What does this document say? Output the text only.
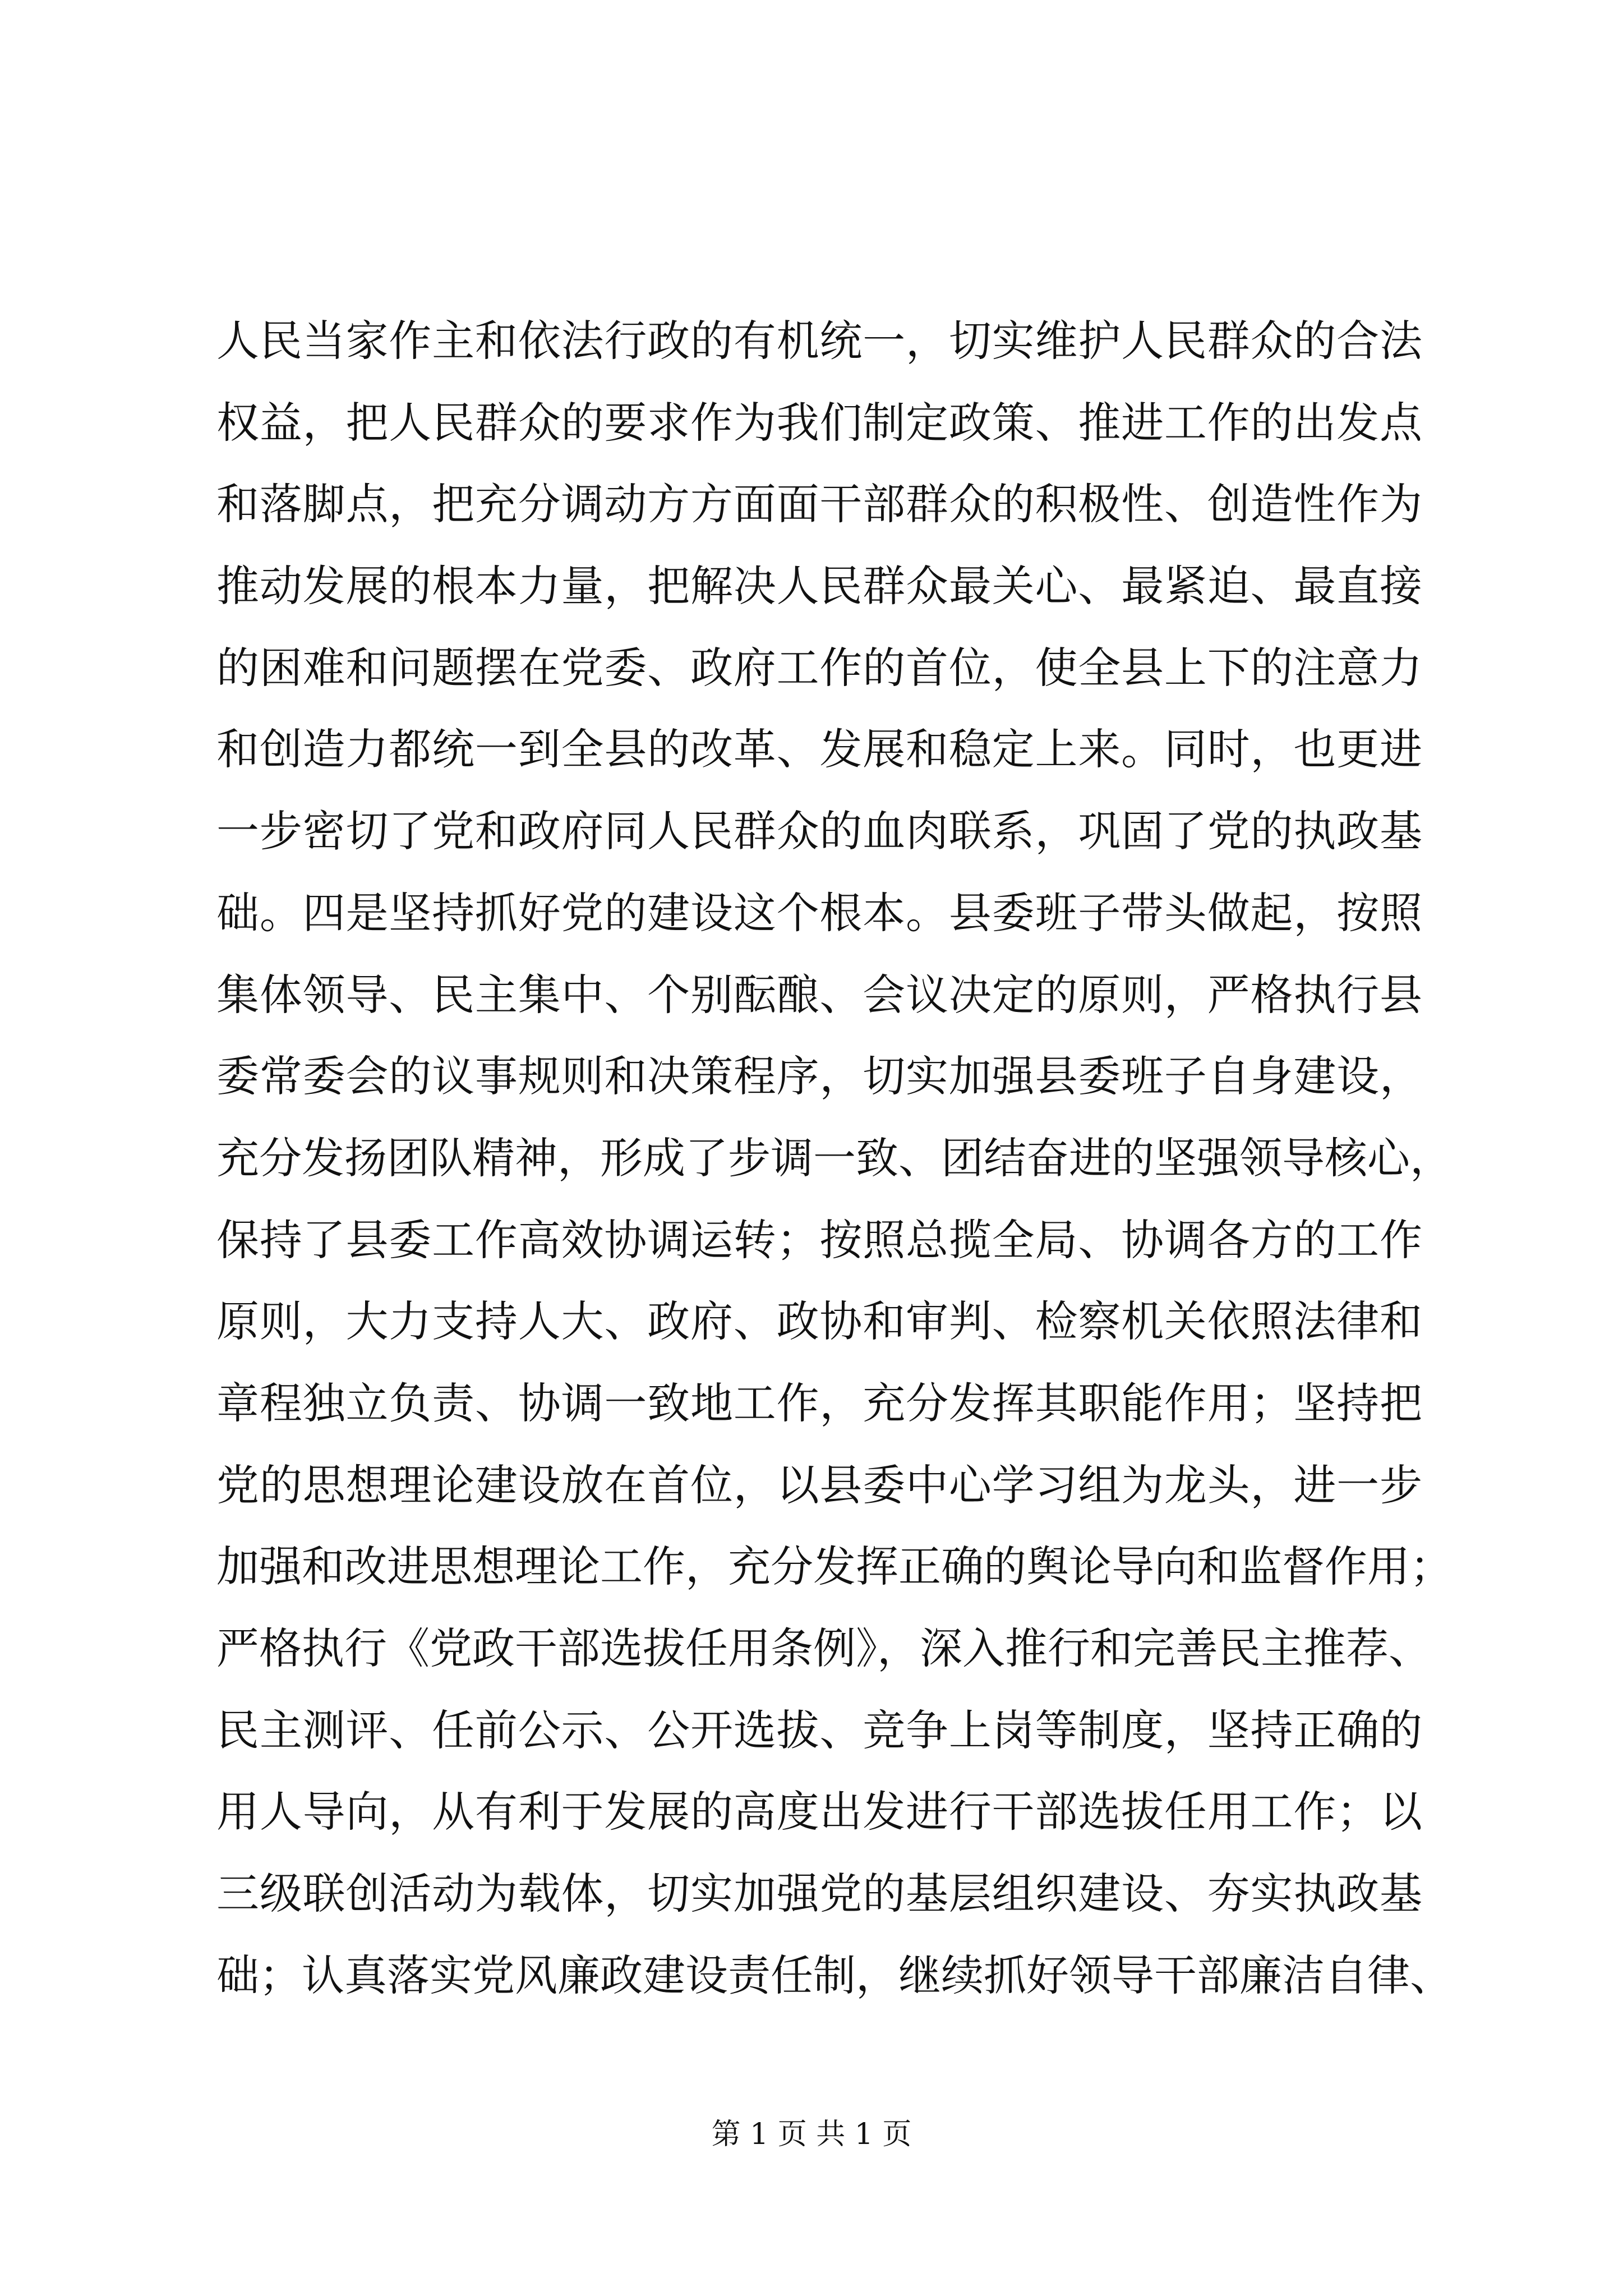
人民当家作主和依法行政的有机统一，切实维护人民群众的合法
权益，把人民群众的要求作为我们制定政策、推进工作的出发点
和落脚点，把充分调动方方面面干部群众的积极性、创造性作为
推动发展的根本力量，把解决人民群众最关心、最紧迫、最直接
的困难和问题摆在党委、政府工作的首位，使全县上下的注意力
和创造力都统一到全县的改革、发展和稳定上来。同时，也更进
一步密切了党和政府同人民群众的血肉联系，巩固了党的执政基
础。四是坚持抓好党的建设这个根本。县委班子带头做起，按照
集体领导、民主集中、个别酝酿、会议决定的原则，严格执行县
委常委会的议事规则和决策程序，切实加强县委班子自身建设，
充分发扬团队精神，形成了步调一致、团结奋进的坚强领导核心，
保持了县委工作高效协调运转；按照总揽全局、协调各方的工作
原则，大力支持人大、政府、政协和审判、检察机关依照法律和
章程独立负责、协调一致地工作，充分发挥其职能作用；坚持把
党的思想理论建设放在首位，以县委中心学习组为龙头，进一步
加强和改进思想理论工作，充分发挥正确的舆论导向和监督作用；
严格执行《党政干部选拔任用条例》，深入推行和完善民主推荐、
民主测评、任前公示、公开选拔、竞争上岗等制度，坚持正确的
用人导向，从有利于发展的高度出发进行干部选拔任用工作；以
三级联创活动为载体，切实加强党的基层组织建设、夯实执政基
础；认真落实党风廉政建设责任制，继续抓好领导干部廉洁自律、
第 1 页 共 1 页
